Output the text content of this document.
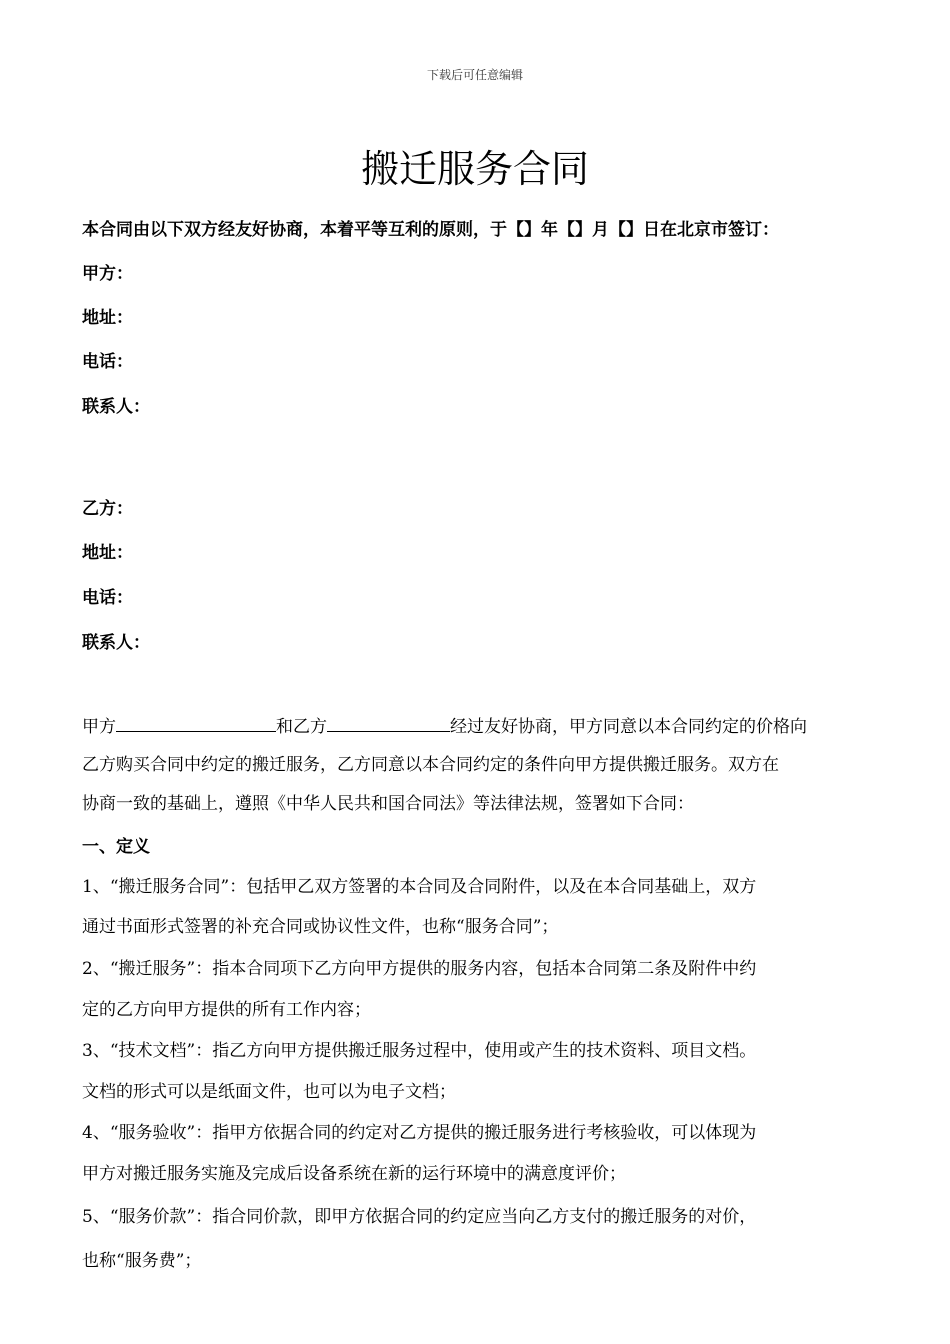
下载后可任意编辑
搬迁服务合同
本合同由以下双方经友好协商，本着平等互利的原则，于【】年【】月【】日在北京市签订：
甲方：
地址：
电话：
联系人：
乙方：
地址：
电话：
联系人：
甲方	和乙方	经过友好协商，甲方同意以本合同约定的价格向
乙方购买合同中约定的搬迁服务，乙方同意以本合同约定的条件向甲方提供搬迁服务。双方在
协商一致的基础上，遵照《中华人民共和国合同法》等法律法规，签署如下合同：
一、定义
1、“搬迁服务合同”：包括甲乙双方签署的本合同及合同附件，以及在本合同基础上，双方
通过书面形式签署的补充合同或协议性文件，也称“服务合同”；
2、“搬迁服务”：指本合同项下乙方向甲方提供的服务内容，包括本合同第二条及附件中约
定的乙方向甲方提供的所有工作内容；
3、“技术文档”：指乙方向甲方提供搬迁服务过程中，使用或产生的技术资料、项目文档。
文档的形式可以是纸面文件，也可以为电子文档；
4、“服务验收”：指甲方依据合同的约定对乙方提供的搬迁服务进行考核验收，可以体现为
甲方对搬迁服务实施及完成后设备系统在新的运行环境中的满意度评价；
5、“服务价款”：指合同价款，即甲方依据合同的约定应当向乙方支付的搬迁服务的对价，
也称“服务费”；
